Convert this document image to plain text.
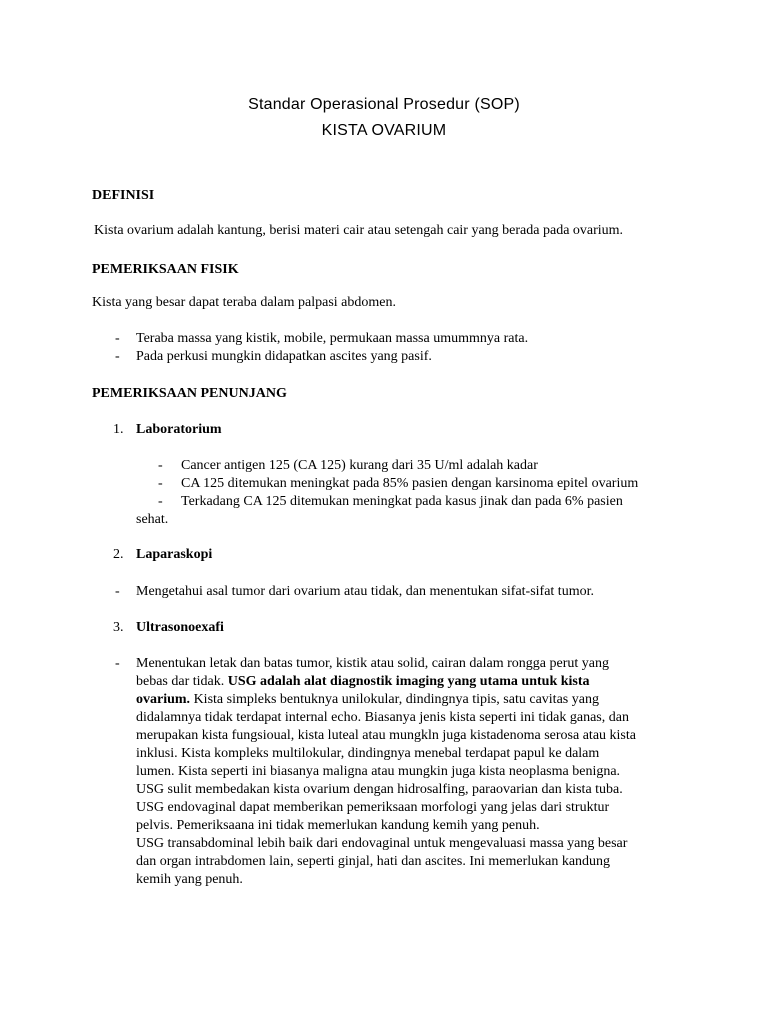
Standar Operasional Prosedur (SOP)
KISTA OVARIUM
DEFINISI
Kista ovarium adalah kantung, berisi materi cair atau setengah cair yang berada pada ovarium.
PEMERIKSAAN FISIK
Kista yang besar dapat teraba dalam palpasi abdomen.
- Teraba massa yang kistik, mobile, permukaan massa umummnya rata.
- Pada perkusi mungkin didapatkan ascites yang pasif.
PEMERIKSAAN PENUNJANG
1. Laboratorium
- Cancer antigen 125 (CA 125) kurang dari 35 U/ml adalah kadar
- CA 125 ditemukan meningkat pada 85% pasien dengan karsinoma epitel ovarium
- Terkadang CA 125 ditemukan meningkat pada kasus jinak dan pada 6% pasien
sehat.
2. Laparaskopi
- Mengetahui asal tumor dari ovarium atau tidak, dan menentukan sifat-sifat tumor.
3. Ultrasonoexafi
- Menentukan letak dan batas tumor, kistik atau solid, cairan dalam rongga perut yang
bebas dar tidak. USG adalah alat diagnostik imaging yang utama untuk kista
ovarium. Kista simpleks bentuknya unilokular, dindingnya tipis, satu cavitas yang
didalamnya tidak terdapat internal echo. Biasanya jenis kista seperti ini tidak ganas, dan
merupakan kista fungsioual, kista luteal atau mungkln juga kistadenoma serosa atau kista
inklusi. Kista kompleks multilokular, dindingnya menebal terdapat papul ke dalam
lumen. Kista seperti ini biasanya maligna atau mungkin juga kista neoplasma benigna.
USG sulit membedakan kista ovarium dengan hidrosalfing, paraovarian dan kista tuba.
USG endovaginal dapat memberikan pemeriksaan morfologi yang jelas dari struktur
pelvis. Pemeriksaana ini tidak memerlukan kandung kemih yang penuh.
USG transabdominal lebih baik dari endovaginal untuk mengevaluasi massa yang besar
dan organ intrabdomen lain, seperti ginjal, hati dan ascites. Ini memerlukan kandung
kemih yang penuh.
